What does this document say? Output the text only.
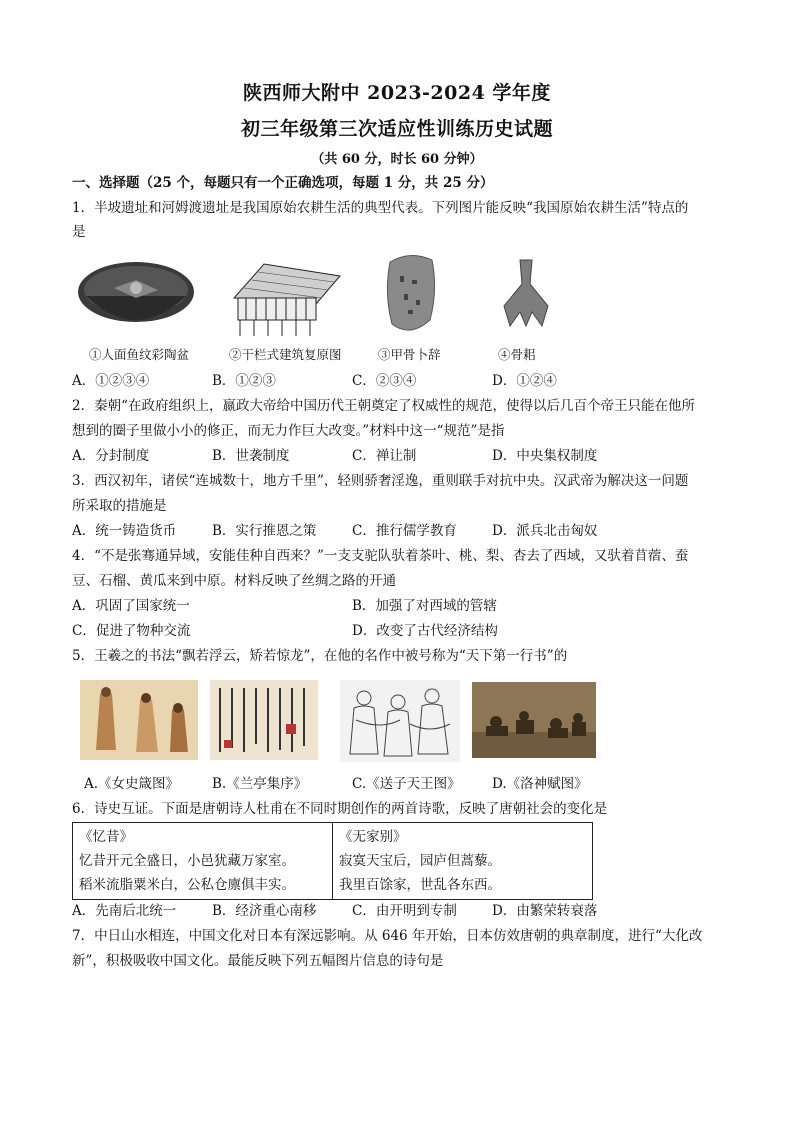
陕西师大附中 2023-2024 学年度
初三年级第三次适应性训练历史试题
（共 60 分，时长 60 分钟）
一、选择题（25 个，每题只有一个正确选项，每题 1 分，共 25 分）
1．半坡遗址和河姆渡遗址是我国原始农耕生活的典型代表。下列图片能反映“我国原始农耕生活”特点的
是
①人面鱼纹彩陶盆	②干栏式建筑复原图	③甲骨卜辞	④骨耜
A．①②③④	B．①②③	C．②③④	D．①②④
2．秦朝“在政府组织上，嬴政大帝给中国历代王朝奠定了权威性的规范，使得以后几百个帝王只能在他所
想到的圈子里做小小的修正，而无力作巨大改变。”材料中这一“规范”是指
A．分封制度	B．世袭制度	C．禅让制	D．中央集权制度
3．西汉初年，诸侯“连城数十，地方千里”，轻则骄奢淫逸，重则联手对抗中央。汉武帝为解决这一问题
所采取的措施是
A．统一铸造货币	B．实行推恩之策	C．推行儒学教育	D．派兵北击匈奴
4．“不是张骞通异域，安能佳种自西来？”一支支驼队驮着茶叶、桃、梨、杏去了西域，又驮着苜蓿、蚕
豆、石榴、黄瓜来到中原。材料反映了丝绸之路的开通
A．巩固了国家统一	B．加强了对西域的管辖
C．促进了物种交流	D．改变了古代经济结构
5．王羲之的书法“飘若浮云，矫若惊龙”，在他的名作中被号称为“天下第一行书”的
A.《女史箴图》 B.《兰亭集序》	C.《送子天王图》 D.《洛神赋图》
6．诗史互证。下面是唐朝诗人杜甫在不同时期创作的两首诗歌，反映了唐朝社会的变化是
《忆昔》
忆昔开元全盛日，小邑犹藏万家室。
稻米流脂粟米白，公私仓廪俱丰实。

《无家别》
寂寞天宝后，园庐但蒿藜。
我里百馀家，世乱各东西。
A．先南后北统一	B．经济重心南移	C．由开明到专制	D．由繁荣转衰落
7．中日山水相连，中国文化对日本有深远影响。从 646 年开始，日本仿效唐朝的典章制度，进行“大化改
新”，积极吸收中国文化。最能反映下列五幅图片信息的诗句是
